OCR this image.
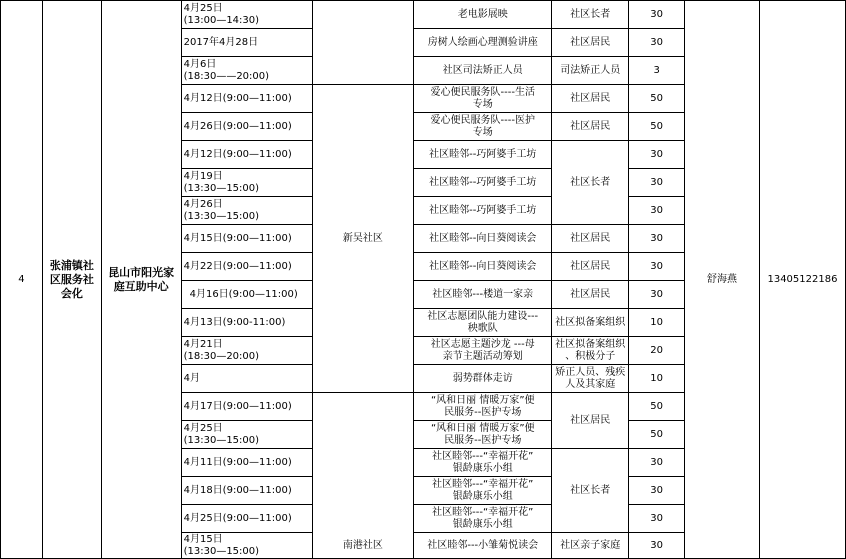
4	张浦镇社区服务社会化	昆山市阳光家庭互助中心	4月25日
(13:00—14:30)		老电影展映	社区长者	30	舒海燕	13405122186

			2017年4月28日		房树人绘画心理测验讲座	社区居民	30		

			4月6日
(18:30——20:00)		社区司法矫正人员	司法矫正人员	3		

			4月12日(9:00—11:00)	新吴社区	爱心便民服务队----生活
专场	社区居民	50		

			4月26日(9:00—11:00)		爱心便民服务队----医护
专场	社区居民	50		

			4月12日(9:00—11:00)		社区睦邻--巧阿婆手工坊	社区长者	30		

			4月19日
(13:30—15:00)		社区睦邻--巧阿婆手工坊		30		

			4月26日
(13:30—15:00)		社区睦邻--巧阿婆手工坊		30		

			4月15日(9:00—11:00)		社区睦邻--向日葵阅读会	社区居民	30		

			4月22日(9:00—11:00)		社区睦邻--向日葵阅读会	社区居民	30		

			4月16日(9:00—11:00)		社区睦邻---楼道一家亲	社区居民	30		

			4月13日(9:00-11:00)		社区志愿团队能力建设---
秧歌队	社区拟备案组织	10		

			4月21日
(18:30—20:00)		社区志愿主题沙龙 ---母
亲节主题活动筹划	社区拟备案组织
、积极分子	20		

			4月		弱势群体走访	矫正人员、残疾
人及其家庭	10		

			4月17日(9:00—11:00)	南港社区	“风和日丽 情暖万家”便
民服务--医护专场	社区居民	50		

			4月25日
(13:30—15:00)		“风和日丽 情暖万家”便
民服务--医护专场		50		

			4月11日(9:00—11:00)		社区睦邻---“幸福开花”
银龄康乐小组	社区长者	30		

			4月18日(9:00—11:00)		社区睦邻---“幸福开花”
银龄康乐小组		30		

			4月25日(9:00—11:00)		社区睦邻---“幸福开花”
银龄康乐小组		30		

			4月15日
(13:30—15:00)		社区睦邻---小雏菊悦读会	社区亲子家庭	30		
